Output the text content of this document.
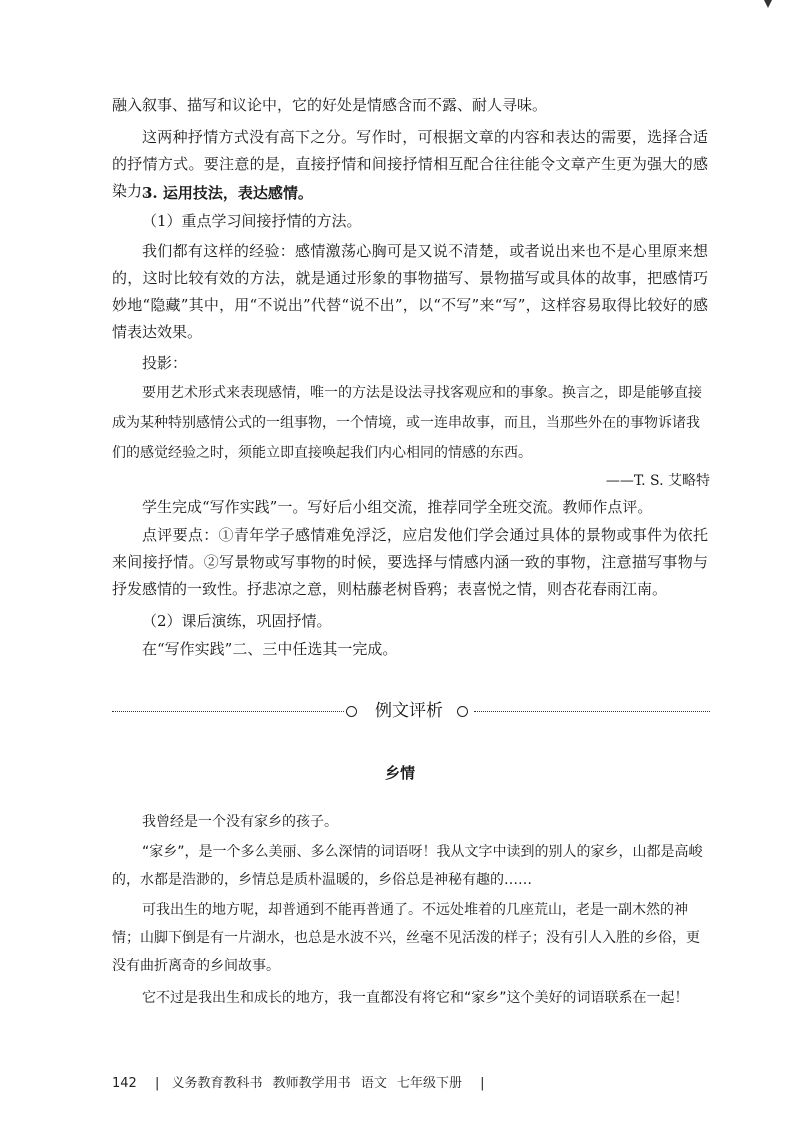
融入叙事、描写和议论中，它的好处是情感含而不露、耐人寻味。

这两种抒情方式没有高下之分。写作时，可根据文章的内容和表达的需要，选择合适的抒情方式。要注意的是，直接抒情和间接抒情相互配合往往能令文章产生更为强大的感染力。

3. 运用技法，表达感情。

（1）重点学习间接抒情的方法。

我们都有这样的经验：感情激荡心胸可是又说不清楚，或者说出来也不是心里原来想的，这时比较有效的方法，就是通过形象的事物描写、景物描写或具体的故事，把感情巧妙地“隐藏”其中，用“不说出”代替“说不出”，以“不写”来“写”，这样容易取得比较好的感情表达效果。

投影：

要用艺术形式来表现感情，唯一的方法是设法寻找客观应和的事象。换言之，即是能够直接成为某种特别感情公式的一组事物，一个情境，或一连串故事，而且，当那些外在的事物诉诸我们的感觉经验之时，须能立即直接唤起我们内心相同的情感的东西。

——T. S. 艾略特

学生完成“写作实践”一。写好后小组交流，推荐同学全班交流。教师作点评。

点评要点：①青年学子感情难免浮泛，应启发他们学会通过具体的景物或事件为依托来间接抒情。②写景物或写事物的时候，要选择与情感内涵一致的事物，注意描写事物与抒发感情的一致性。抒悲凉之意，则枯藤老树昏鸦；表喜悦之情，则杏花春雨江南。

（2）课后演练，巩固抒情。

在“写作实践”二、三中任选其一完成。

例文评析
乡情

我曾经是一个没有家乡的孩子。

“家乡”，是一个多么美丽、多么深情的词语呀！我从文字中读到的别人的家乡，山都是高峻的，水都是浩渺的，乡情总是质朴温暖的，乡俗总是神秘有趣的……

可我出生的地方呢，却普通到不能再普通了。不远处堆着的几座荒山，老是一副木然的神情；山脚下倒是有一片湖水，也总是水波不兴，丝毫不见活泼的样子；没有引人入胜的乡俗，更没有曲折离奇的乡间故事。

它不过是我出生和成长的地方，我一直都没有将它和“家乡”这个美好的词语联系在一起！

142 | 义务教育教科书 教师教学用书 语文 七年级下册 |
